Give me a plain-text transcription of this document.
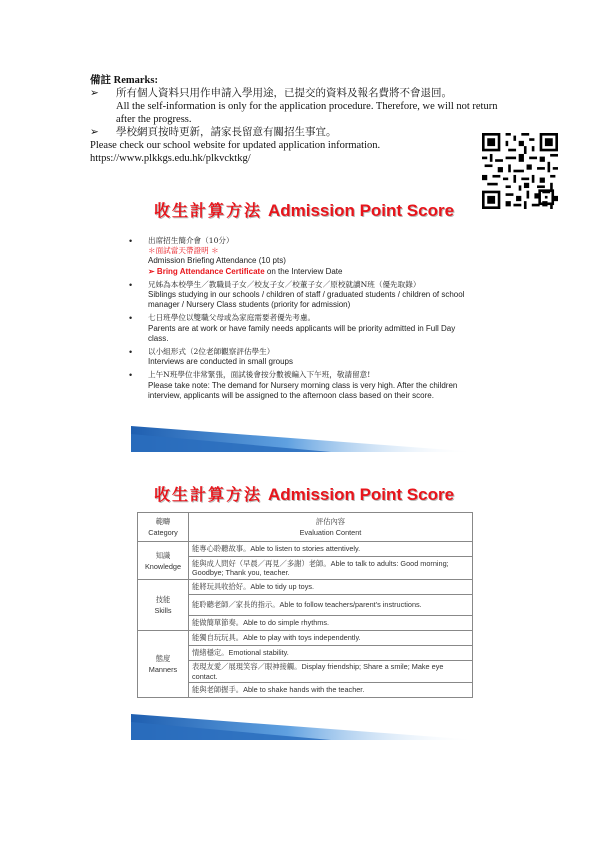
備註 Remarks:
➢	所有個人資料只用作申請入學用途，已提交的資料及報名費將不會退回。
All the self-information is only for the application procedure. Therefore, we will not return after the progress.
➢	學校網頁按時更新，請家長留意有關招生事宜。
Please check our school website for updated application information.
https://www.plkkgs.edu.hk/plkvcktkg/
收生計算方法 Admission Point Score
• 出席招生簡介會（10分）
＊面試當天帶證明 ＊
Admission Briefing Attendance (10 pts)
➢ Bring Attendance Certificate on the Interview Date
• 兄姊為本校學生／教職員子女／校友子女／校董子女／原校就讀N班（優先取錄）
Siblings studying in our schools / children of staff / graduated students / children of school manager / Nursery Class students (priority for admission)
• 七日班學位以雙職父母或為家庭需要者優先考慮。
Parents are at work or have family needs applicants will be priority admitted in Full Day class.
• 以小組形式（2位老師觀察評估學生）
Interviews are conducted in small groups
• 上午N班學位非常緊張，面試後會按分數被編入下午班，敬請留意!
Please take note: The demand for Nursery morning class is very high. After the children interview, applicants will be assigned to the afternoon class based on their score.
收生計算方法 Admission Point Score
範疇
Category	評估內容
Evaluation Content
知識
Knowledge	能專心聆聽故事。Able to listen to stories attentively.
	能與成人問好（早晨／再見／多謝）老師。Able to talk to adults: Good morning; Goodbye; Thank you, teacher.
技能
Skills	能將玩具收拾好。Able to tidy up toys.
	能聆聽老師／家長的指示。Able to follow teachers/parent's instructions.
	能做簡單節奏。Able to do simple rhythms.
態度
Manners	能獨自玩玩具。Able to play with toys independently.
	情緒穩定。Emotional stability.
	表現友愛／展現笑容／眼神接觸。Display friendship; Share a smile; Make eye contact.
	能與老師握手。Able to shake hands with the teacher.
